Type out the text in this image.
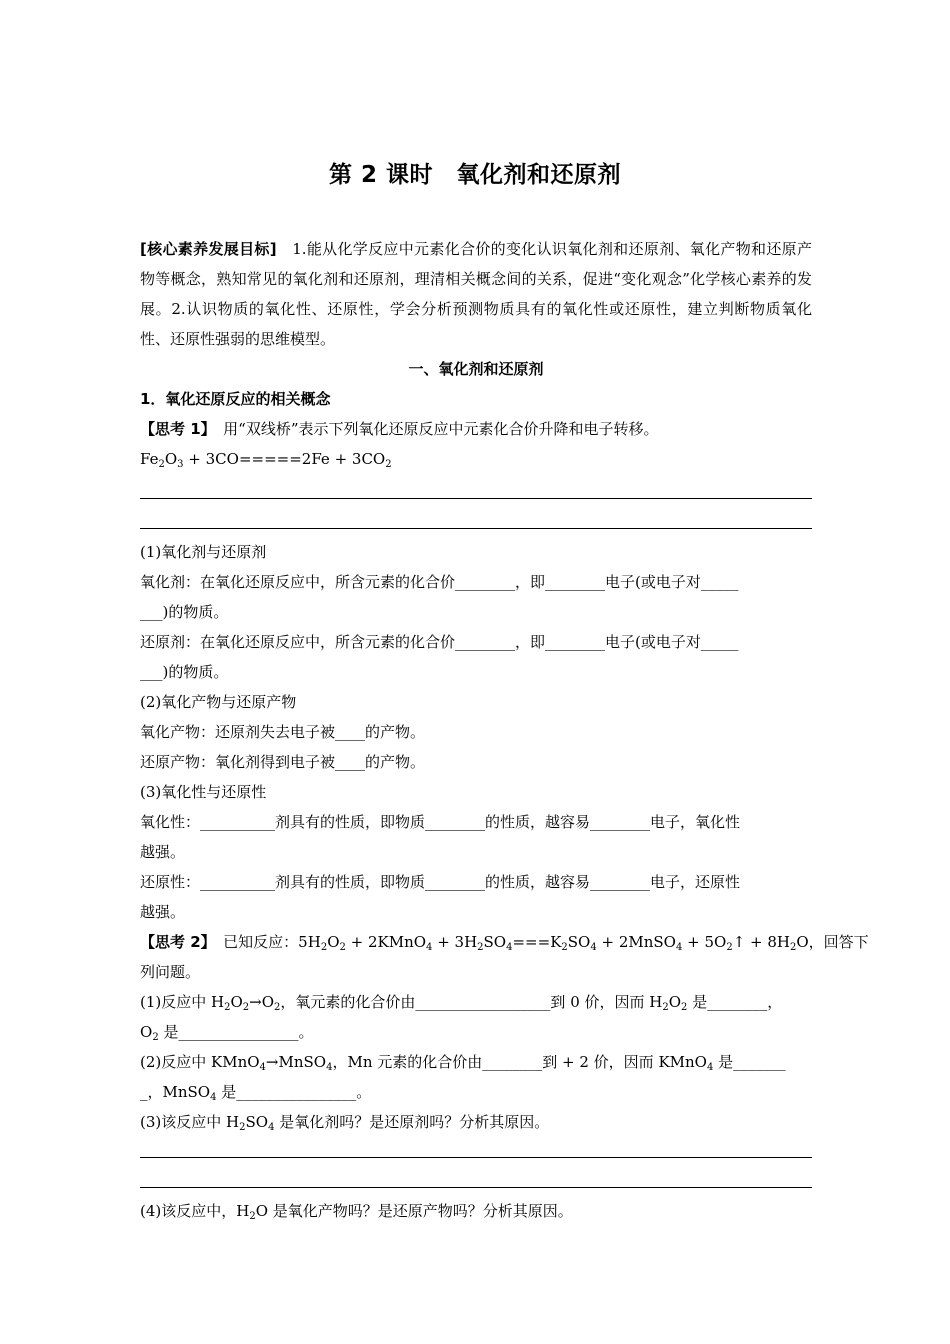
第 2 课时　氧化剂和还原剂
[核心素养发展目标]　1.能从化学反应中元素化合价的变化认识氧化剂和还原剂、氧化产物和还原产物等概念，熟知常见的氧化剂和还原剂，理清相关概念间的关系，促进“变化观念”化学核心素养的发展。2.认识物质的氧化性、还原性，学会分析预测物质具有的氧化性或还原性，建立判断物质氧化性、还原性强弱的思维模型。
一、氧化剂和还原剂
1．氧化还原反应的相关概念
【思考 1】　用“双线桥”表示下列氧化还原反应中元素化合价升降和电子转移。
$Fe_2O_3 + 3CO=====2Fe + 3CO_2$
(1)氧化剂与还原剂
氧化剂：在氧化还原反应中，所含元素的化合价________，即________电子(或电子对_____
___)的物质。
还原剂：在氧化还原反应中，所含元素的化合价________，即________电子(或电子对_____
___)的物质。
(2)氧化产物与还原产物
氧化产物：还原剂失去电子被____的产物。
还原产物：氧化剂得到电子被____的产物。
(3)氧化性与还原性
氧化性：__________剂具有的性质，即物质________的性质，越容易________电子，氧化性
越强。
还原性：__________剂具有的性质，即物质________的性质，越容易________电子，还原性
越强。
【思考 2】　已知反应：$5H_2O_2$ + 2KMnO$_4$ + $3H_2SO_4===K_2SO_4$ + 2MnSO$_4$ + $5O_2↑ + 8H_2O$，回答下
列问题。
(1)反应中 $H_2O_2\to O_2$，氧元素的化合价由__________________到 0 价，因而 $H_2O_2$ 是________，
$O_2$ 是________________。
(2)反应中 KMnO$_4$→MnSO$_4$，Mn 元素的化合价由________到 + 2 价，因而 KMnO$_4$ 是_______
_，MnSO$_4$ 是________________。
(3)该反应中 $H_2SO_4$ 是氧化剂吗？是还原剂吗？分析其原因。
(4)该反应中，$H_2O$ 是氧化产物吗？是还原产物吗？分析其原因。
